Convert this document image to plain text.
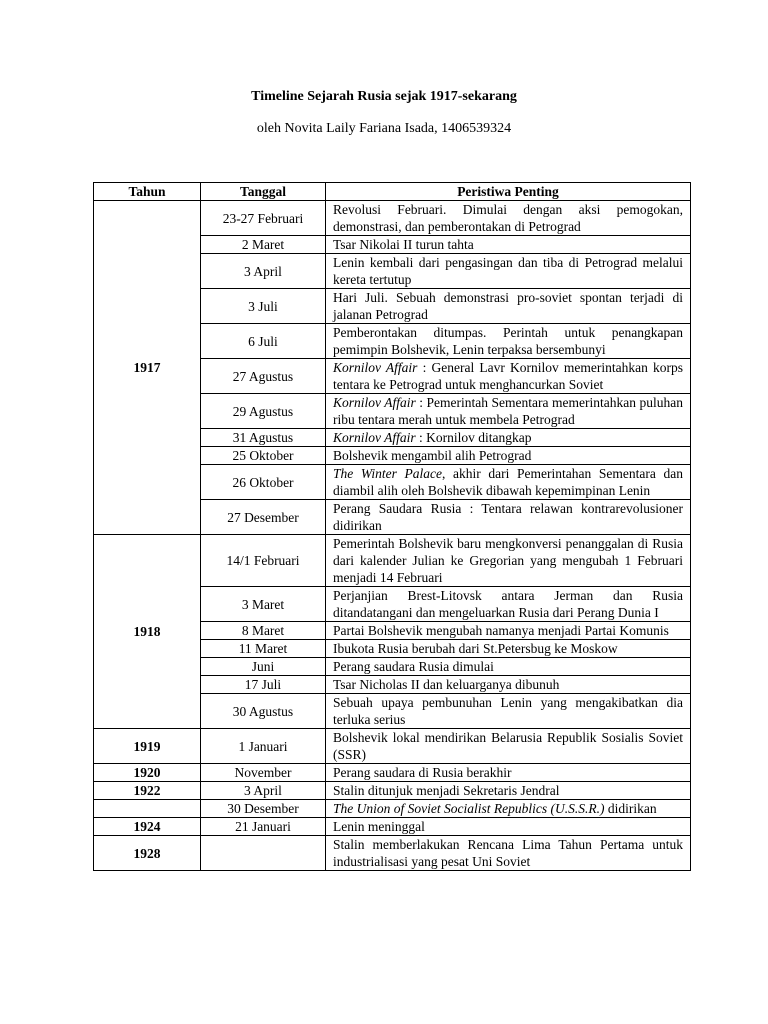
Timeline Sejarah Rusia sejak 1917-sekarang
oleh Novita Laily Fariana Isada, 1406539324
Tahun	Tanggal	Peristiwa Penting
1917	23-27 Februari	Revolusi Februari. Dimulai dengan aksi pemogokan, demonstrasi, dan pemberontakan di Petrograd
	2 Maret	Tsar Nikolai II turun tahta
	3 April	Lenin kembali dari pengasingan dan tiba di Petrograd melalui kereta tertutup
	3 Juli	Hari Juli. Sebuah demonstrasi pro-soviet spontan terjadi di jalanan Petrograd
	6 Juli	Pemberontakan ditumpas. Perintah untuk penangkapan pemimpin Bolshevik, Lenin terpaksa bersembunyi
	27 Agustus	Kornilov Affair : General Lavr Kornilov memerintahkan korps tentara ke Petrograd untuk menghancurkan Soviet
	29 Agustus	Kornilov Affair : Pemerintah Sementara memerintahkan puluhan ribu tentara merah untuk membela Petrograd
	31 Agustus	Kornilov Affair : Kornilov ditangkap
	25 Oktober	Bolshevik mengambil alih Petrograd
	26 Oktober	The Winter Palace, akhir dari Pemerintahan Sementara dan diambil alih oleh Bolshevik dibawah kepemimpinan Lenin
	27 Desember	Perang Saudara Rusia : Tentara relawan kontrarevolusioner didirikan
1918	14/1 Februari	Pemerintah Bolshevik baru mengkonversi penanggalan di Rusia dari kalender Julian ke Gregorian yang mengubah 1 Februari menjadi 14 Februari
	3 Maret	Perjanjian Brest-Litovsk antara Jerman dan Rusia ditandatangani dan mengeluarkan Rusia dari Perang Dunia I
	8 Maret	Partai Bolshevik mengubah namanya menjadi Partai Komunis
	11 Maret	Ibukota Rusia berubah dari St.Petersbug ke Moskow
	Juni	Perang saudara Rusia dimulai
	17 Juli	Tsar Nicholas II dan keluarganya dibunuh
	30 Agustus	Sebuah upaya pembunuhan Lenin yang mengakibatkan dia terluka serius
1919	1 Januari	Bolshevik lokal mendirikan Belarusia Republik Sosialis Soviet (SSR)
1920	November	Perang saudara di Rusia berakhir
1922	3 April	Stalin ditunjuk menjadi Sekretaris Jendral
	30 Desember	The Union of Soviet Socialist Republics (U.S.S.R.) didirikan
1924	21 Januari	Lenin meninggal
1928		Stalin memberlakukan Rencana Lima Tahun Pertama untuk industrialisasi yang pesat Uni Soviet
